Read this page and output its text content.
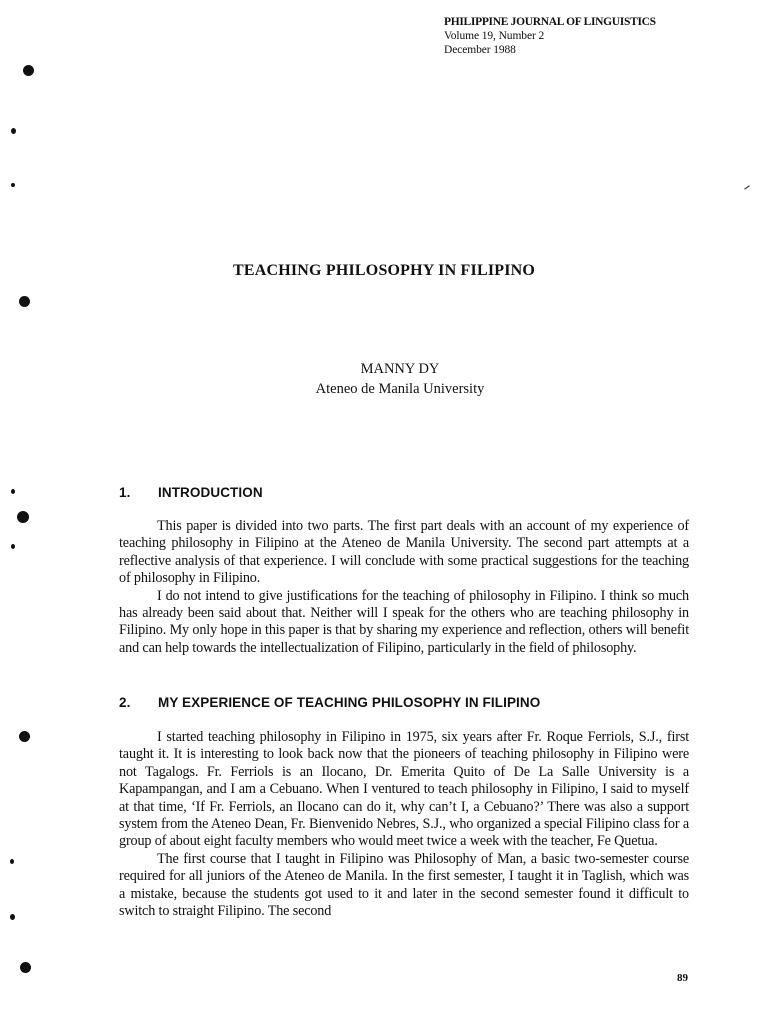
PHILIPPINE JOURNAL OF LINGUISTICS
Volume 19, Number 2
December 1988
TEACHING PHILOSOPHY IN FILIPINO
MANNY DY
Ateneo de Manila University
1. INTRODUCTION

This paper is divided into two parts. The first part deals with an account of my experience of teaching philosophy in Filipino at the Ateneo de Manila University. The second part attempts at a reflective analysis of that experience. I will conclude with some practical suggestions for the teaching of philosophy in Filipino.

I do not intend to give justifications for the teaching of philosophy in Filipino. I think so much has already been said about that. Neither will I speak for the others who are teaching philosophy in Filipino. My only hope in this paper is that by sharing my experience and reflection, others will benefit and can help towards the intellectualization of Filipino, particularly in the field of philosophy.

2. MY EXPERIENCE OF TEACHING PHILOSOPHY IN FILIPINO

I started teaching philosophy in Filipino in 1975, six years after Fr. Roque Ferriols, S.J., first taught it. It is interesting to look back now that the pioneers of teaching philosophy in Filipino were not Tagalogs. Fr. Ferriols is an Ilocano, Dr. Emerita Quito of De La Salle University is a Kapampangan, and I am a Cebuano. When I ventured to teach philosophy in Filipino, I said to myself at that time, ‘If Fr. Ferriols, an Ilocano can do it, why can’t I, a Cebuano?’ There was also a support system from the Ateneo Dean, Fr. Bienvenido Nebres, S.J., who organized a special Filipino class for a group of about eight faculty members who would meet twice a week with the teacher, Fe Quetua.

The first course that I taught in Filipino was Philosophy of Man, a basic two-semester course required for all juniors of the Ateneo de Manila. In the first semester, I taught it in Taglish, which was a mistake, because the students got used to it and later in the second semester found it difficult to switch to straight Filipino. The second

89
